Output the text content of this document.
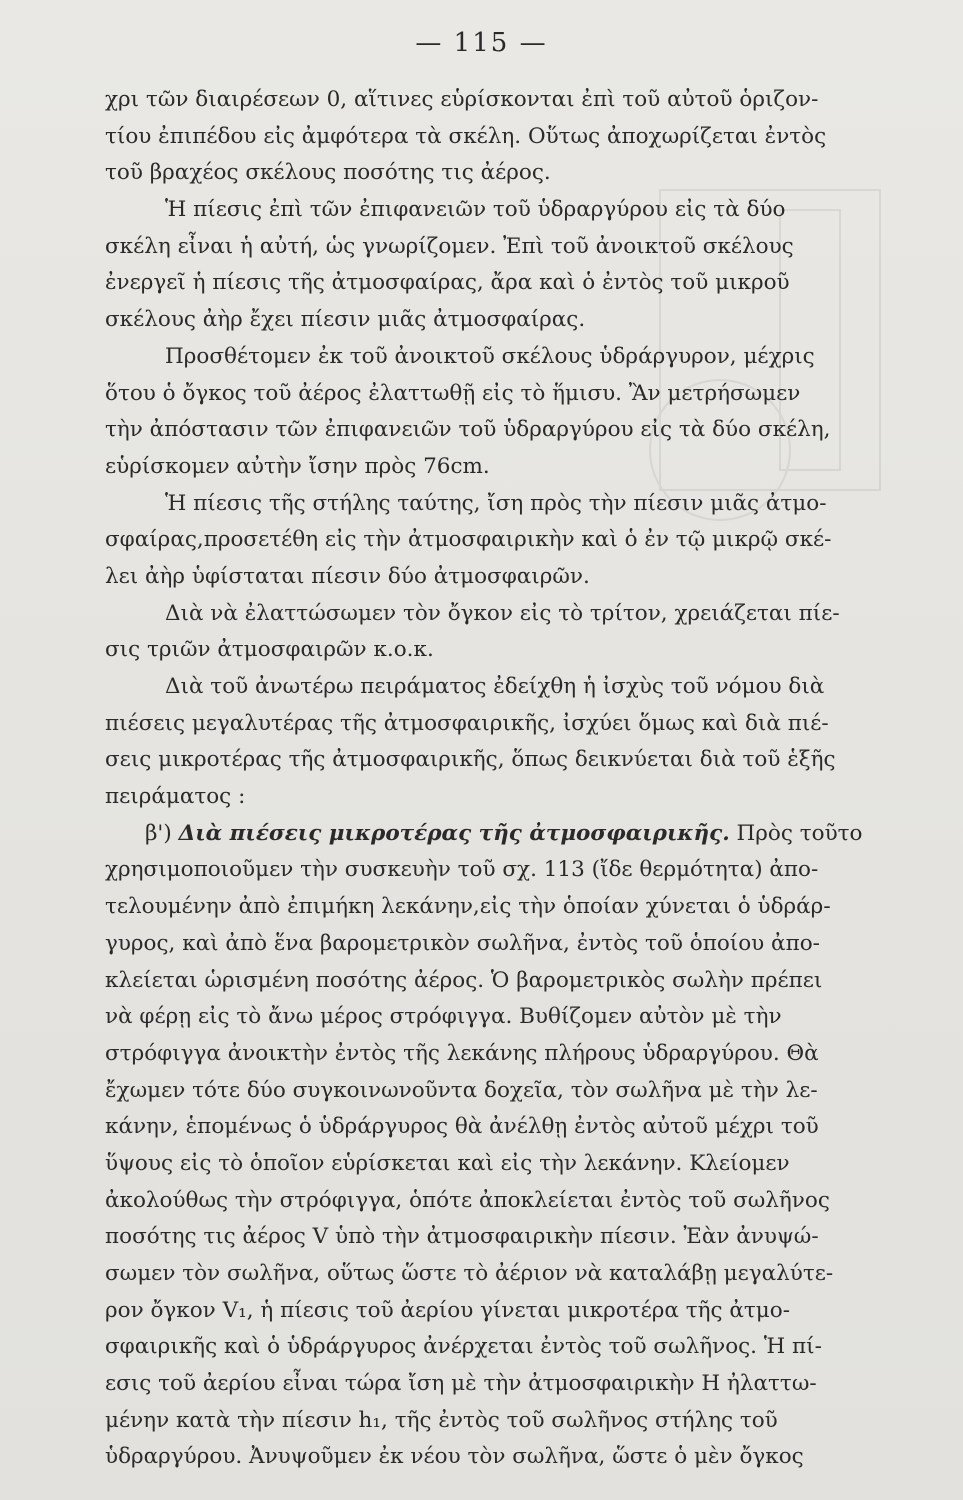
— 115 —
χρι τῶν διαιρέσεων 0, αἵτινες εὑρίσκονται ἐπὶ τοῦ αὐτοῦ ὁριζον-
τίου ἐπιπέδου εἰς ἀμφότερα τὰ σκέλη. Οὕτως ἀποχωρίζεται ἐντὸς
τοῦ βραχέος σκέλους ποσότης τις ἀέρος.
Ἡ πίεσις ἐπὶ τῶν ἐπιφανειῶν τοῦ ὑδραργύρου εἰς τὰ δύο
σκέλη εἶναι ἡ αὐτή, ὡς γνωρίζομεν. Ἐπὶ τοῦ ἀνοικτοῦ σκέλους
ἐνεργεῖ ἡ πίεσις τῆς ἀτμοσφαίρας, ἄρα καὶ ὁ ἐντὸς τοῦ μικροῦ
σκέλους ἀὴρ ἔχει πίεσιν μιᾶς ἀτμοσφαίρας.
Προσθέτομεν ἐκ τοῦ ἀνοικτοῦ σκέλους ὑδράργυρον, μέχρις
ὅτου ὁ ὄγκος τοῦ ἀέρος ἐλαττωθῇ εἰς τὸ ἥμισυ. Ἂν μετρήσωμεν
τὴν ἀπόστασιν τῶν ἐπιφανειῶν τοῦ ὑδραργύρου εἰς τὰ δύο σκέλη,
εὑρίσκομεν αὐτὴν ἴσην πρὸς 76cm.
Ἡ πίεσις τῆς στήλης ταύτης, ἴση πρὸς τὴν πίεσιν μιᾶς ἀτμο-
σφαίρας,προσετέθη εἰς τὴν ἀτμοσφαιρικὴν καὶ ὁ ἐν τῷ μικρῷ σκέ-
λει ἀὴρ ὑφίσταται πίεσιν δύο ἀτμοσφαιρῶν.
Διὰ νὰ ἐλαττώσωμεν τὸν ὄγκον εἰς τὸ τρίτον, χρειάζεται πίε-
σις τριῶν ἀτμοσφαιρῶν κ.ο.κ.
Διὰ τοῦ ἀνωτέρω πειράματος ἐδείχθη ἡ ἰσχὺς τοῦ νόμου διὰ
πιέσεις μεγαλυτέρας τῆς ἀτμοσφαιρικῆς, ἰσχύει ὅμως καὶ διὰ πιέ-
σεις μικροτέρας τῆς ἀτμοσφαιρικῆς, ὅπως δεικνύεται διὰ τοῦ ἑξῆς
πειράματος :
β') Διὰ πιέσεις μικροτέρας τῆς ἀτμοσφαιρικῆς. Πρὸς τοῦτο
χρησιμοποιοῦμεν τὴν συσκευὴν τοῦ σχ. 113 (ἴδε θερμότητα) ἀπο-
τελουμένην ἀπὸ ἐπιμήκη λεκάνην,εἰς τὴν ὁποίαν χύνεται ὁ ὑδράρ-
γυρος, καὶ ἀπὸ ἕνα βαρομετρικὸν σωλῆνα, ἐντὸς τοῦ ὁποίου ἀπο-
κλείεται ὡρισμένη ποσότης ἀέρος. Ὁ βαρομετρικὸς σωλὴν πρέπει
νὰ φέρῃ εἰς τὸ ἄνω μέρος στρόφιγγα. Βυθίζομεν αὐτὸν μὲ τὴν
στρόφιγγα ἀνοικτὴν ἐντὸς τῆς λεκάνης πλήρους ὑδραργύρου. Θὰ
ἔχωμεν τότε δύο συγκοινωνοῦντα δοχεῖα, τὸν σωλῆνα μὲ τὴν λε-
κάνην, ἑπομένως ὁ ὑδράργυρος θὰ ἀνέλθῃ ἐντὸς αὐτοῦ μέχρι τοῦ
ὕψους εἰς τὸ ὁποῖον εὑρίσκεται καὶ εἰς τὴν λεκάνην. Κλείομεν
ἀκολούθως τὴν στρόφιγγα, ὁπότε ἀποκλείεται ἐντὸς τοῦ σωλῆνος
ποσότης τις ἀέρος V ὑπὸ τὴν ἀτμοσφαιρικὴν πίεσιν. Ἐὰν ἀνυψώ-
σωμεν τὸν σωλῆνα, οὕτως ὥστε τὸ ἀέριον νὰ καταλάβῃ μεγαλύτε-
ρον ὄγκον V₁, ἡ πίεσις τοῦ ἀερίου γίνεται μικροτέρα τῆς ἀτμο-
σφαιρικῆς καὶ ὁ ὑδράργυρος ἀνέρχεται ἐντὸς τοῦ σωλῆνος. Ἡ πί-
εσις τοῦ ἀερίου εἶναι τώρα ἴση μὲ τὴν ἀτμοσφαιρικὴν H ἠλαττω-
μένην κατὰ τὴν πίεσιν h₁, τῆς ἐντὸς τοῦ σωλῆνος στήλης τοῦ
ὑδραργύρου. Ἀνυψοῦμεν ἐκ νέου τὸν σωλῆνα, ὥστε ὁ μὲν ὄγκος
